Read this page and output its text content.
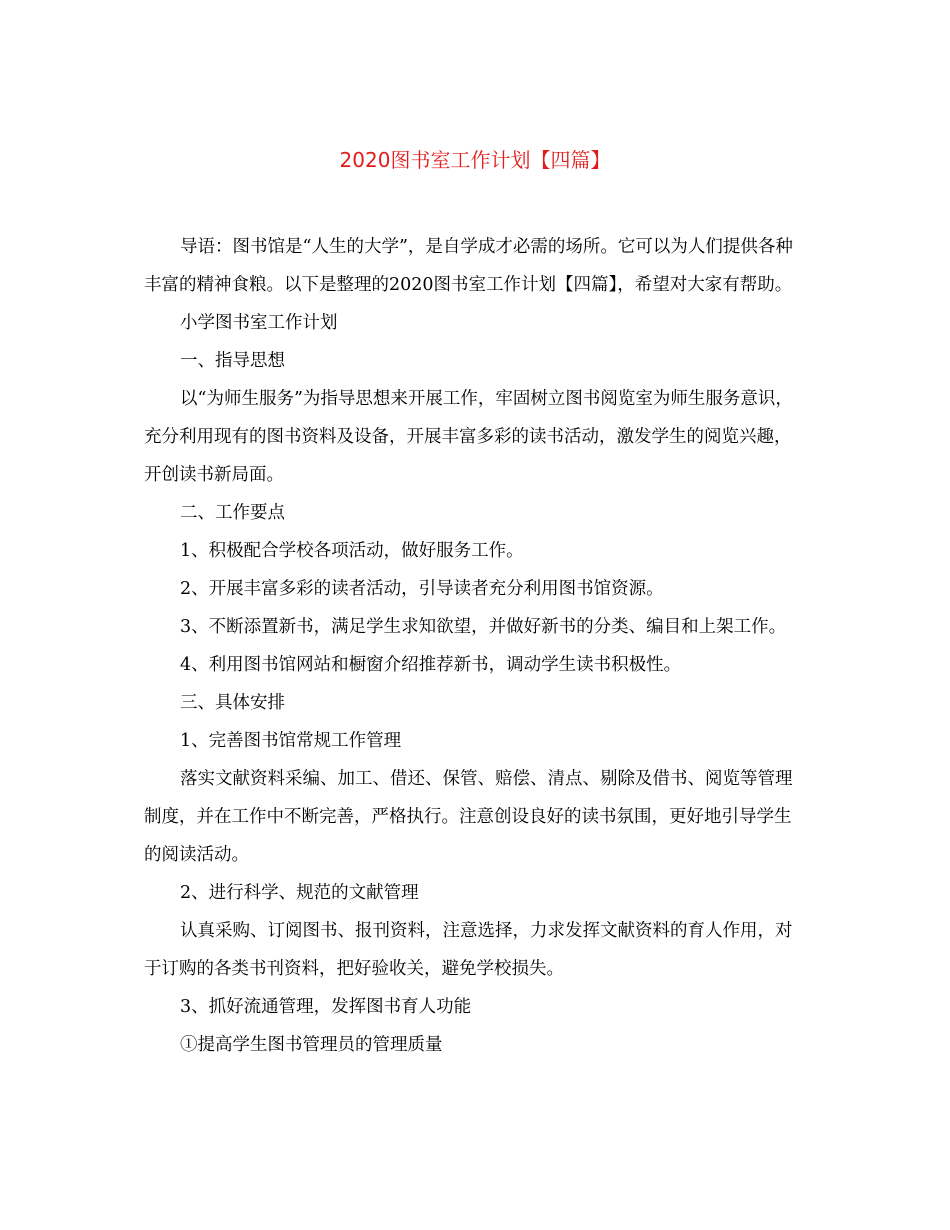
2020图书室工作计划【四篇】

导语：图书馆是“人生的大学”，是自学成才必需的场所。它可以为人们提供各种丰富的精神食粮。以下是整理的2020图书室工作计划【四篇】，希望对大家有帮助。

小学图书室工作计划

一、指导思想

以“为师生服务”为指导思想来开展工作，牢固树立图书阅览室为师生服务意识，充分利用现有的图书资料及设备，开展丰富多彩的读书活动，激发学生的阅览兴趣，开创读书新局面。

二、工作要点

1、积极配合学校各项活动，做好服务工作。

2、开展丰富多彩的读者活动，引导读者充分利用图书馆资源。

3、不断添置新书，满足学生求知欲望，并做好新书的分类、编目和上架工作。

4、利用图书馆网站和橱窗介绍推荐新书，调动学生读书积极性。

三、具体安排

1、完善图书馆常规工作管理

落实文献资料采编、加工、借还、保管、赔偿、清点、剔除及借书、阅览等管理制度，并在工作中不断完善，严格执行。注意创设良好的读书氛围，更好地引导学生的阅读活动。

2、进行科学、规范的文献管理

认真采购、订阅图书、报刊资料，注意选择，力求发挥文献资料的育人作用，对于订购的各类书刊资料，把好验收关，避免学校损失。

3、抓好流通管理，发挥图书育人功能

①提高学生图书管理员的管理质量
